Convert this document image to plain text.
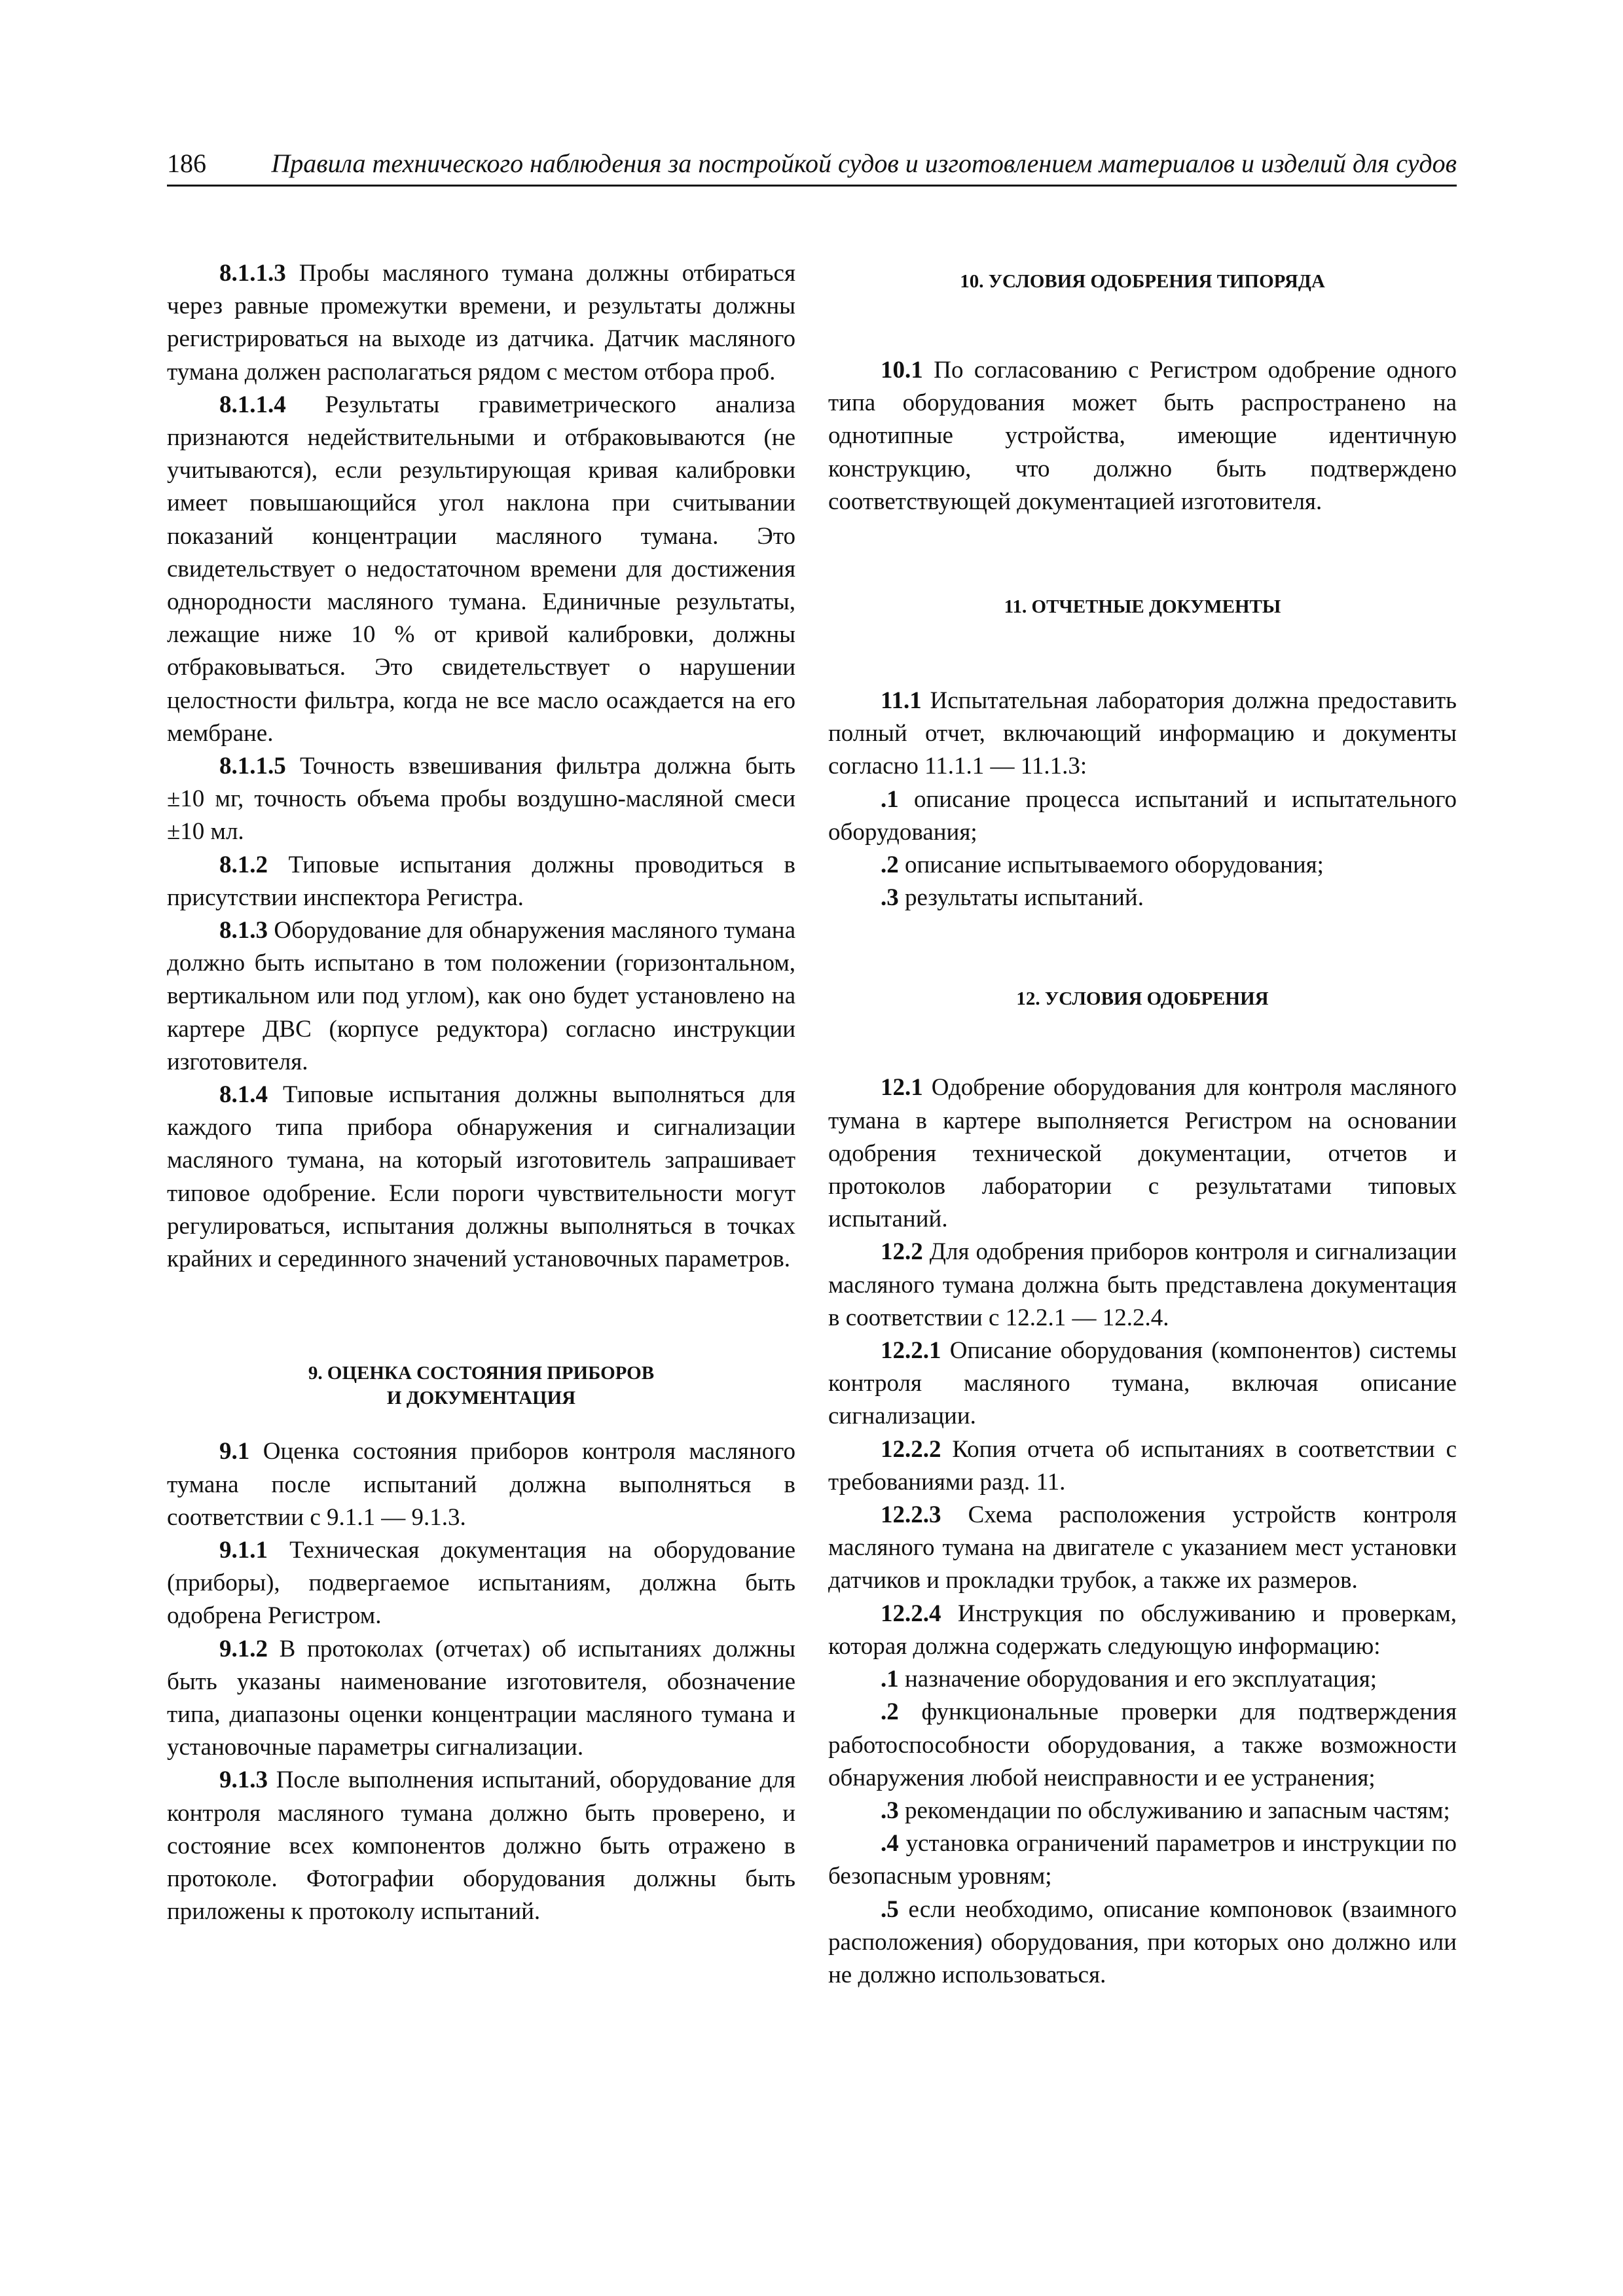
186 Правила технического наблюдения за постройкой судов и изготовлением материалов и изделий для судов

8.1.1.3 Пробы масляного тумана должны отбираться через равные промежутки времени, и результаты должны регистрироваться на выходе из датчика. Датчик масляного тумана должен располагаться рядом с местом отбора проб.

8.1.1.4 Результаты гравиметрического анализа признаются недействительными и отбраковываются (не учитываются), если результирующая кривая калибровки имеет повышающийся угол наклона при считывании показаний концентрации масляного тумана. Это свидетельствует о недостаточном времени для достижения однородности масляного тумана. Единичные результаты, лежащие ниже 10 % от кривой калибровки, должны отбраковываться. Это свидетельствует о нарушении целостности фильтра, когда не все масло осаждается на его мембране.

8.1.1.5 Точность взвешивания фильтра должна быть ±10 мг, точность объема пробы воздушно-масляной смеси ±10 мл.

8.1.2 Типовые испытания должны проводиться в присутствии инспектора Регистра.

8.1.3 Оборудование для обнаружения масляного тумана должно быть испытано в том положении (горизонтальном, вертикальном или под углом), как оно будет установлено на картере ДВС (корпусе редуктора) согласно инструкции изготовителя.

8.1.4 Типовые испытания должны выполняться для каждого типа прибора обнаружения и сигнализации масляного тумана, на который изготовитель запрашивает типовое одобрение. Если пороги чувствительности могут регулироваться, испытания должны выполняться в точках крайних и серединного значений установочных параметров.

9. ОЦЕНКА СОСТОЯНИЯ ПРИБОРОВ
И ДОКУМЕНТАЦИЯ

9.1 Оценка состояния приборов контроля масляного тумана после испытаний должна выполняться в соответствии с 9.1.1 — 9.1.3.

9.1.1 Техническая документация на оборудование (приборы), подвергаемое испытаниям, должна быть одобрена Регистром.

9.1.2 В протоколах (отчетах) об испытаниях должны быть указаны наименование изготовителя, обозначение типа, диапазоны оценки концентрации масляного тумана и установочные параметры сигнализации.

9.1.3 После выполнения испытаний, оборудование для контроля масляного тумана должно быть проверено, и состояние всех компонентов должно быть отражено в протоколе. Фотографии оборудования должны быть приложены к протоколу испытаний.

10. УСЛОВИЯ ОДОБРЕНИЯ ТИПОРЯДА

10.1 По согласованию с Регистром одобрение одного типа оборудования может быть распространено на однотипные устройства, имеющие идентичную конструкцию, что должно быть подтверждено соответствующей документацией изготовителя.

11. ОТЧЕТНЫЕ ДОКУМЕНТЫ

11.1 Испытательная лаборатория должна предоставить полный отчет, включающий информацию и документы согласно 11.1.1 — 11.1.3:

.1 описание процесса испытаний и испытательного оборудования;

.2 описание испытываемого оборудования;

.3 результаты испытаний.

12. УСЛОВИЯ ОДОБРЕНИЯ

12.1 Одобрение оборудования для контроля масляного тумана в картере выполняется Регистром на основании одобрения технической документации, отчетов и протоколов лаборатории с результатами типовых испытаний.

12.2 Для одобрения приборов контроля и сигнализации масляного тумана должна быть представлена документация в соответствии с 12.2.1 — 12.2.4.

12.2.1 Описание оборудования (компонентов) системы контроля масляного тумана, включая описание сигнализации.

12.2.2 Копия отчета об испытаниях в соответствии с требованиями разд. 11.

12.2.3 Схема расположения устройств контроля масляного тумана на двигателе с указанием мест установки датчиков и прокладки трубок, а также их размеров.

12.2.4 Инструкция по обслуживанию и проверкам, которая должна содержать следующую информацию:

.1 назначение оборудования и его эксплуатация;

.2 функциональные проверки для подтверждения работоспособности оборудования, а также возможности обнаружения любой неисправности и ее устранения;

.3 рекомендации по обслуживанию и запасным частям;

.4 установка ограничений параметров и инструкции по безопасным уровням;

.5 если необходимо, описание компоновок (взаимного расположения) оборудования, при которых оно должно или не должно использоваться.
